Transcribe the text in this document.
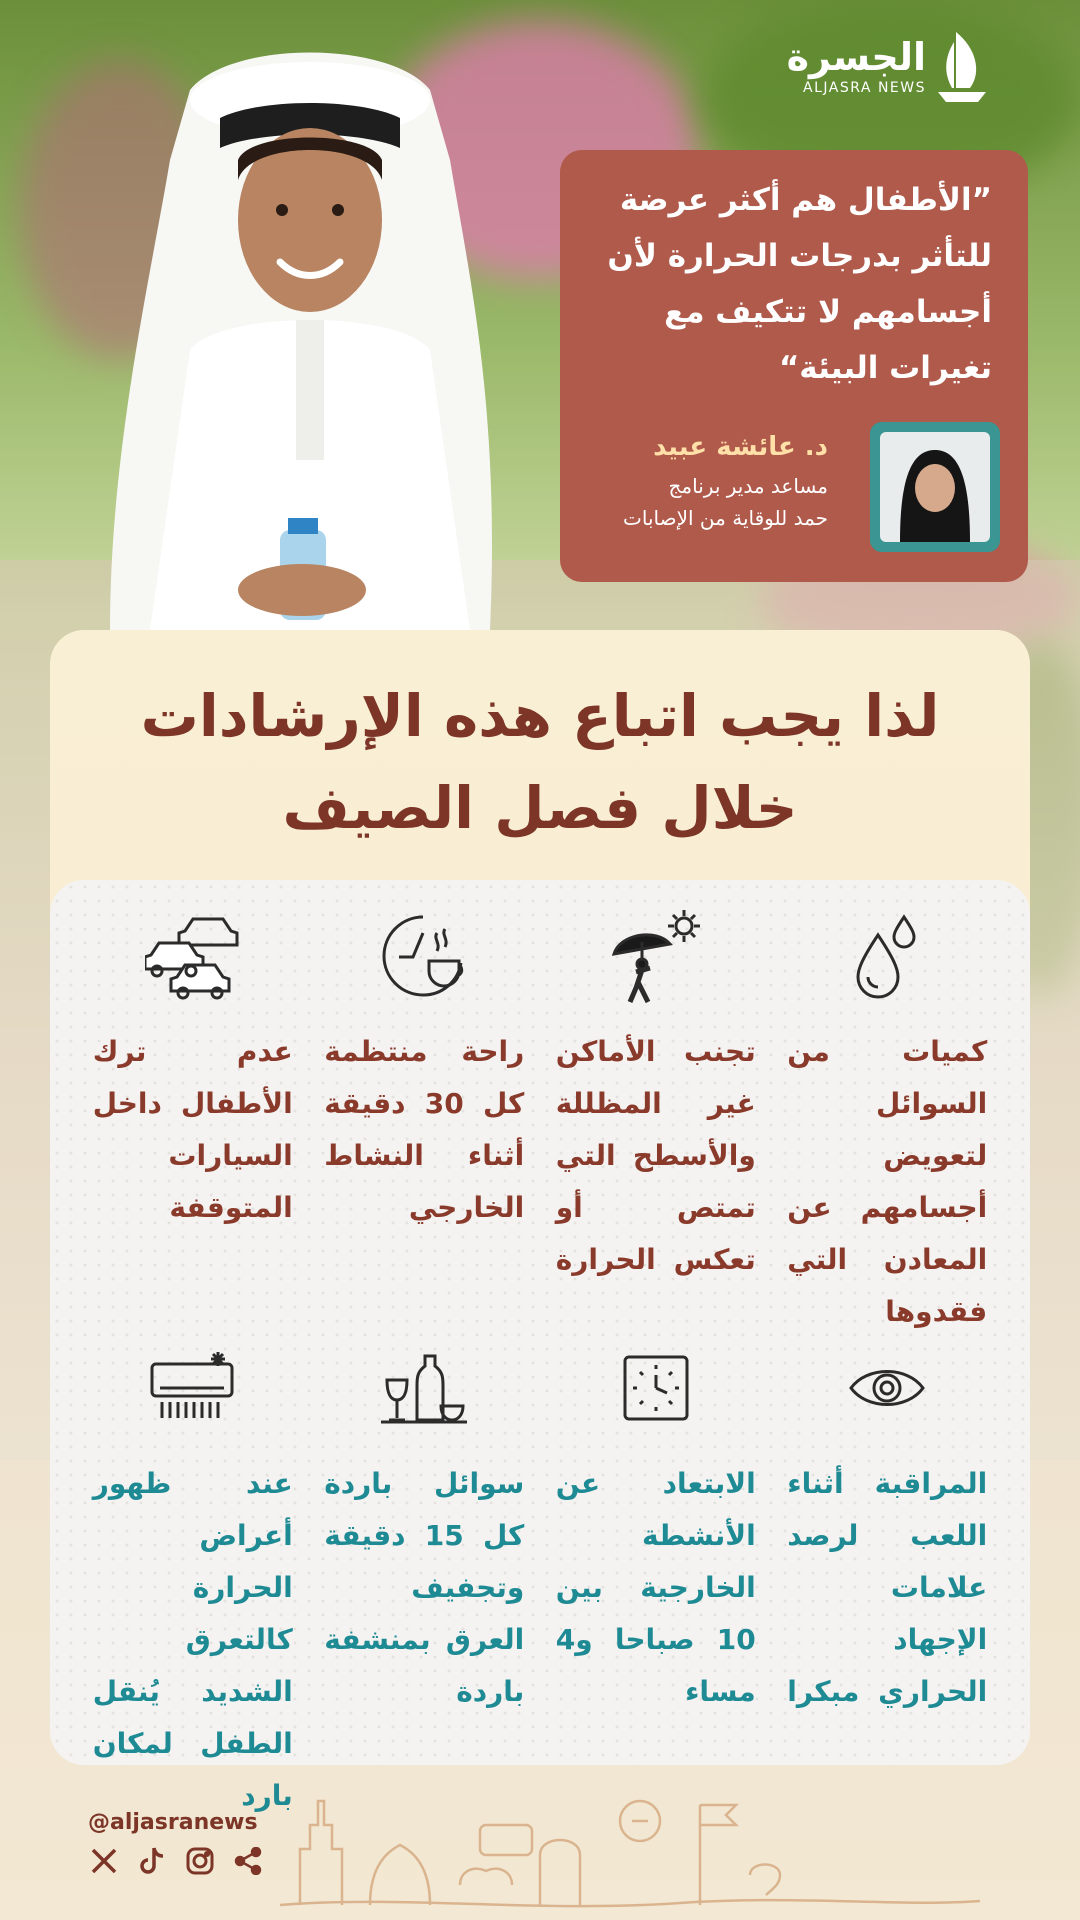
الجسرة
ALJASRA NEWS
”الأطفال هم أكثر عرضة للتأثر بدرجات الحرارة لأن أجسامهم لا تتكيف مع تغيرات البيئة“
د. عائشة عبيد
مساعد مدير برنامج
حمد للوقاية من الإصابات
لذا يجب اتباع هذه الإرشادات
خلال فصل الصيف
كميات من السوائل لتعويض أجسامهم عن المعادن التي فقدوها
تجنب الأماكن غير المظللة والأسطح التي تمتص أو تعكس الحرارة
راحة منتظمة كل 30 دقيقة أثناء النشاط الخارجي
عدم ترك الأطفال داخل السيارات المتوقفة
المراقبة أثناء اللعب لرصد علامات الإجهاد الحراري مبكرا
الابتعاد عن الأنشطة الخارجية بين 10 صباحا و4 مساء
سوائل باردة كل 15 دقيقة وتجفيف العرق بمنشفة باردة
عند ظهور أعراض الحرارة كالتعرق الشديد يُنقل الطفل لمكان بارد
@aljasranews
